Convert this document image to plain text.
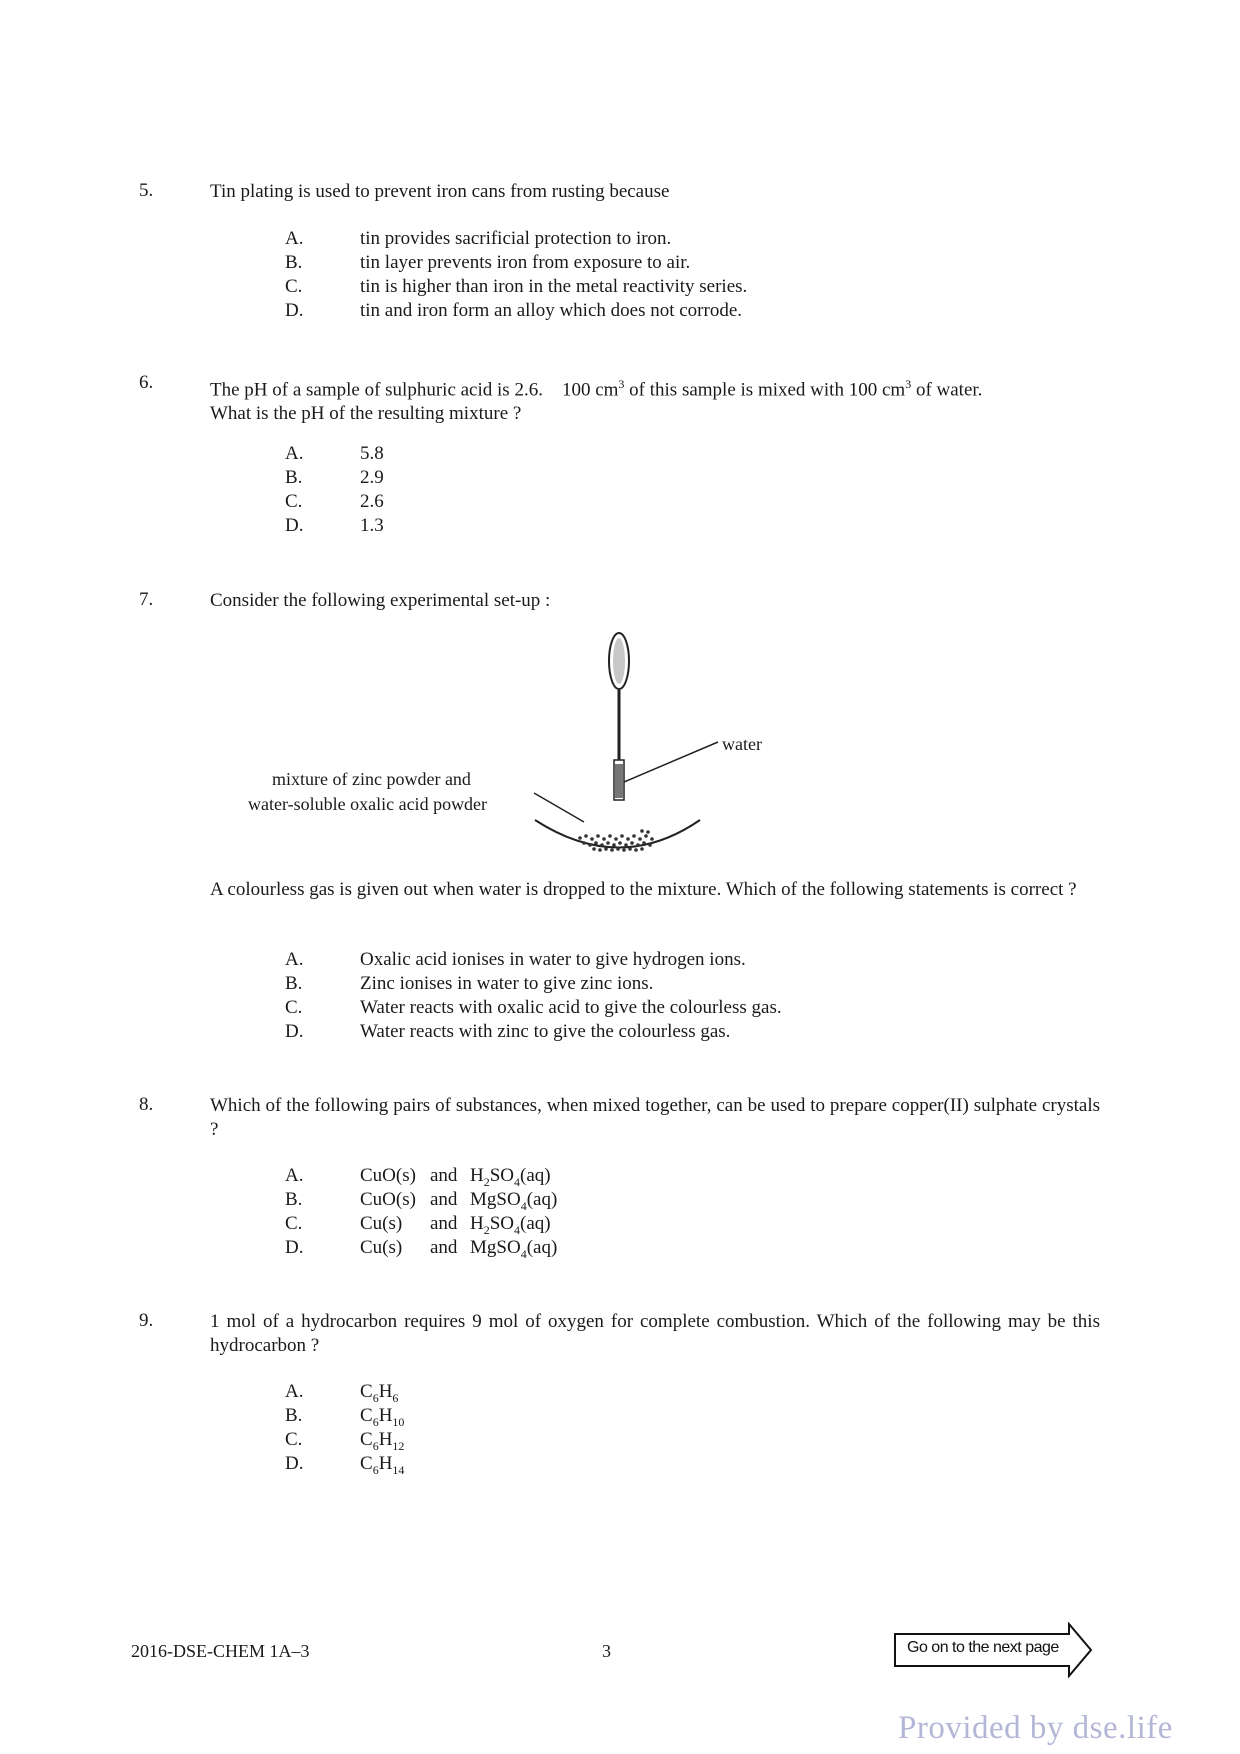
5.	Tin plating is used to prevent iron cans from rusting because
A.	tin provides sacrificial protection to iron.
B.	tin layer prevents iron from exposure to air.
C.	tin is higher than iron in the metal reactivity series.
D.	tin and iron form an alloy which does not corrode.
6.	The pH of a sample of sulphuric acid is 2.6.    100 $cm^3$ of this sample is mixed with 100 $cm^3$ of water.
What is the pH of the resulting mixture ?
A.	5.8
B.	2.9
C.	2.6
D.	1.3
7.	Consider the following experimental set-up :
water
mixture of zinc powder and
water-soluble oxalic acid powder
A colourless gas is given out when water is dropped to the mixture. Which of the following statements is correct ?
A.	Oxalic acid ionises in water to give hydrogen ions.
B.	Zinc ionises in water to give zinc ions.
C.	Water reacts with oxalic acid to give the colourless gas.
D.	Water reacts with zinc to give the colourless gas.
8.	Which of the following pairs of substances, when mixed together, can be used to prepare copper(II) sulphate crystals ?
A.	CuO(s) and $H_2SO_4(aq)$
B.	CuO(s) and MgSO$_4$(aq)
C.	Cu(s) and $H_2SO_4(aq)$
D.	Cu(s) and MgSO$_4$(aq)
9.	1 mol of a hydrocarbon requires 9 mol of oxygen for complete combustion. Which of the following may be this hydrocarbon ?
A.	$C_6H_6$
B.	$C_6H_{10}$
C.	$C_6H_{12}$
D.	$C_6H_{14}$
2016-DSE-CHEM 1A–3	3	Go on to the next page
Provided by dse.life
